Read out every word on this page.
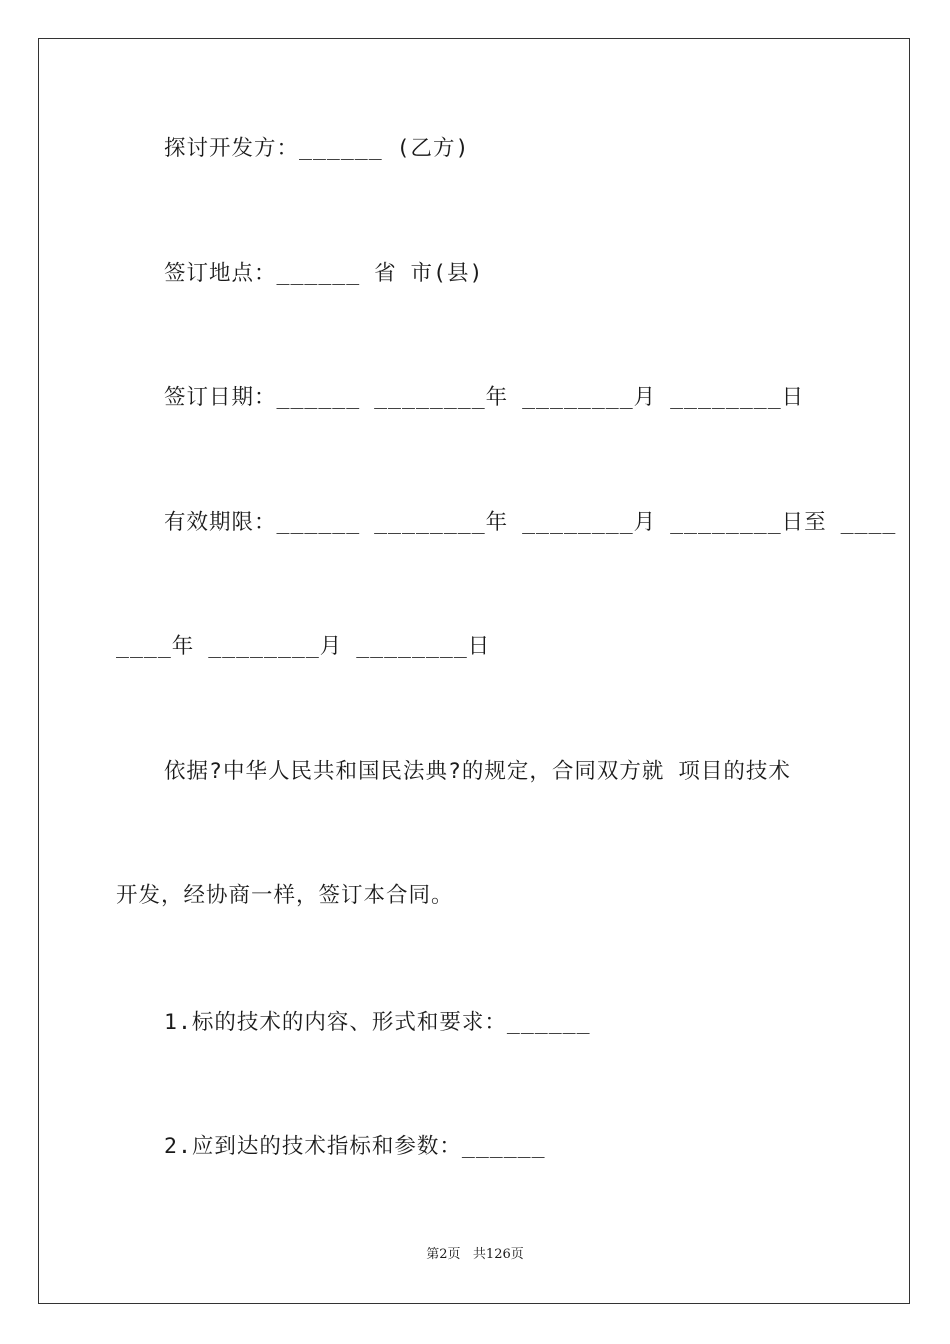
探讨开发方：______ (乙方)
签订地点：______ 省 市(县)
签订日期：______ ________年 ________月 ________日
有效期限：______ ________年 ________月 ________日至 ____
____年 ________月 ________日
依据?中华人民共和国民法典?的规定，合同双方就 项目的技术
开发，经协商一样，签订本合同。
1.标的技术的内容、形式和要求：______
2.应到达的技术指标和参数：______
第2页   共126页
